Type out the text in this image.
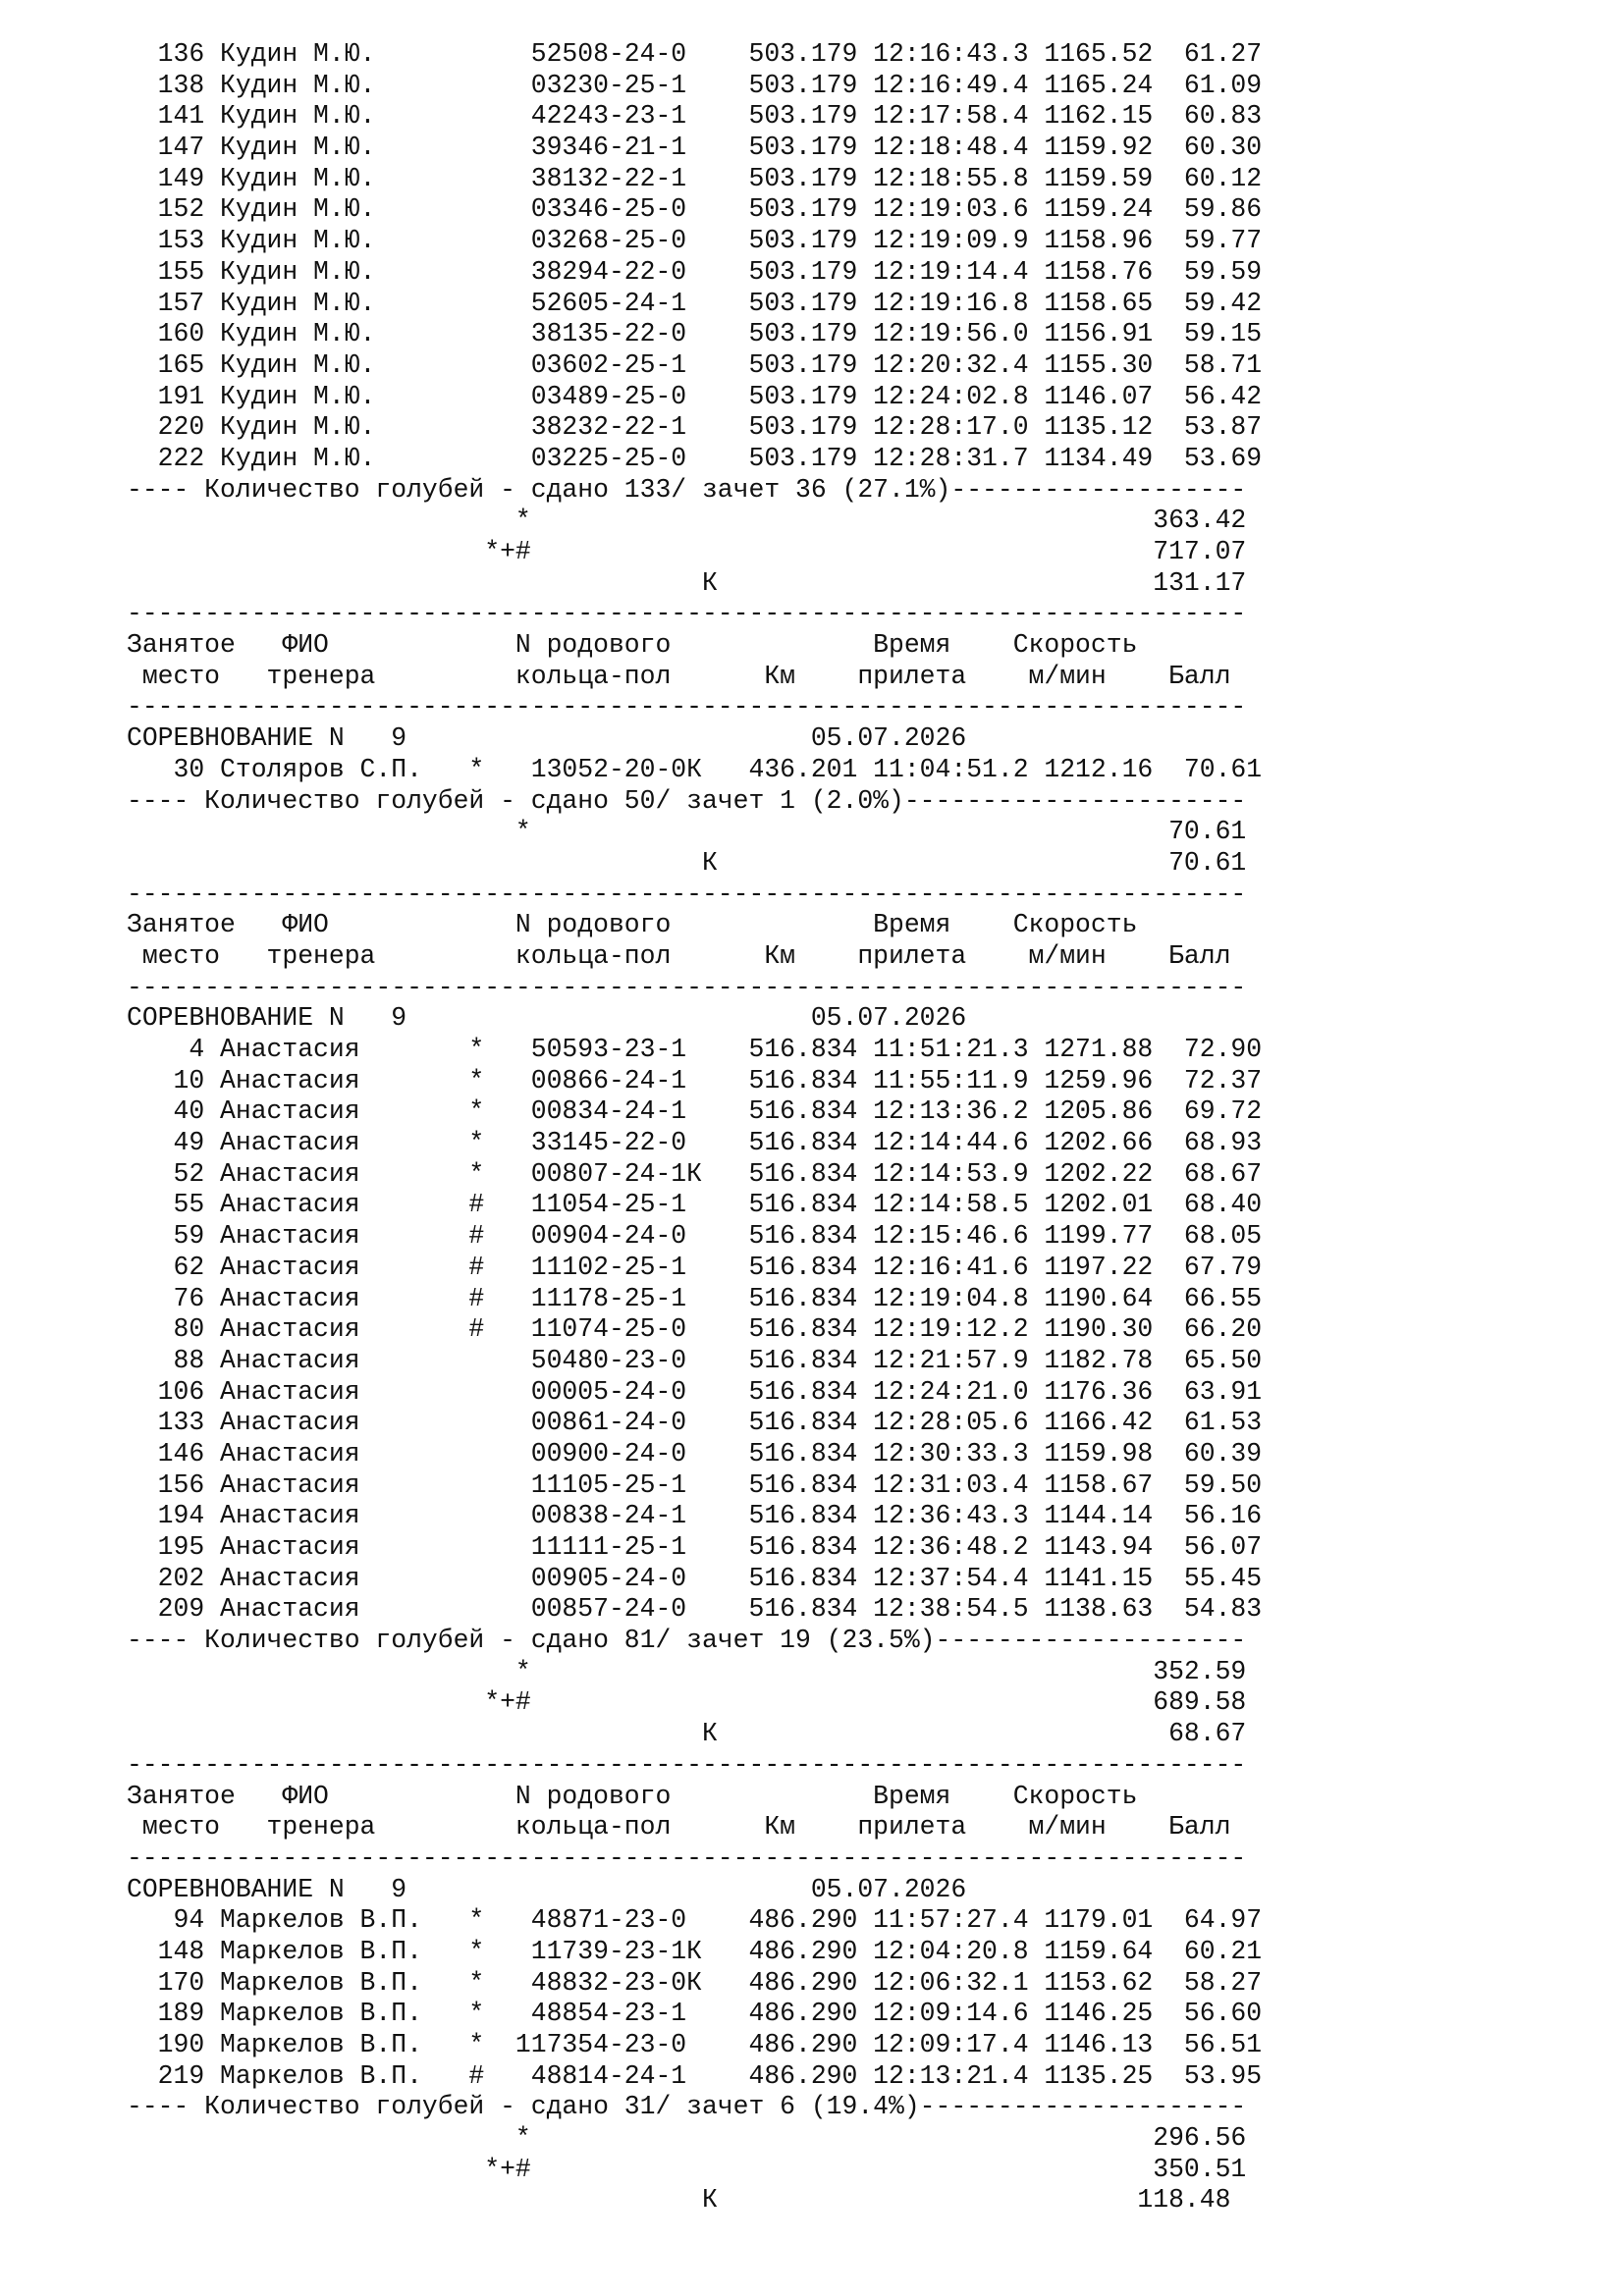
136 Кудин М.Ю.          52508-24-0    503.179 12:16:43.3 1165.52  61.27
138 Кудин М.Ю.          03230-25-1    503.179 12:16:49.4 1165.24  61.09
141 Кудин М.Ю.          42243-23-1    503.179 12:17:58.4 1162.15  60.83
147 Кудин М.Ю.          39346-21-1    503.179 12:18:48.4 1159.92  60.30
149 Кудин М.Ю.          38132-22-1    503.179 12:18:55.8 1159.59  60.12
152 Кудин М.Ю.          03346-25-0    503.179 12:19:03.6 1159.24  59.86
153 Кудин М.Ю.          03268-25-0    503.179 12:19:09.9 1158.96  59.77
155 Кудин М.Ю.          38294-22-0    503.179 12:19:14.4 1158.76  59.59
157 Кудин М.Ю.          52605-24-1    503.179 12:19:16.8 1158.65  59.42
160 Кудин М.Ю.          38135-22-0    503.179 12:19:56.0 1156.91  59.15
165 Кудин М.Ю.          03602-25-1    503.179 12:20:32.4 1155.30  58.71
191 Кудин М.Ю.          03489-25-0    503.179 12:24:02.8 1146.07  56.42
220 Кудин М.Ю.          38232-22-1    503.179 12:28:17.0 1135.12  53.87
222 Кудин М.Ю.          03225-25-0    503.179 12:28:31.7 1134.49  53.69
---- Количество голубей - сдано 133/ зачет 36 (27.1%)-------------------
*                                        363.42
*+#                                        717.07
К                            131.17
------------------------------------------------------------------------
Занятое   ФИО            N родового             Время    Скорость
место   тренера         кольца-пол      Км    прилета    м/мин    Балл
------------------------------------------------------------------------
СОРЕВНОВАНИЕ N   9                          05.07.2026
30 Столяров С.П.   *   13052-20-0К   436.201 11:04:51.2 1212.16  70.61
---- Количество голубей - сдано 50/ зачет 1 (2.0%)----------------------
*                                         70.61
К                             70.61
------------------------------------------------------------------------
Занятое   ФИО            N родового             Время    Скорость
место   тренера         кольца-пол      Км    прилета    м/мин    Балл
------------------------------------------------------------------------
СОРЕВНОВАНИЕ N   9                          05.07.2026
4 Анастасия       *   50593-23-1    516.834 11:51:21.3 1271.88  72.90
10 Анастасия       *   00866-24-1    516.834 11:55:11.9 1259.96  72.37
40 Анастасия       *   00834-24-1    516.834 12:13:36.2 1205.86  69.72
49 Анастасия       *   33145-22-0    516.834 12:14:44.6 1202.66  68.93
52 Анастасия       *   00807-24-1К   516.834 12:14:53.9 1202.22  68.67
55 Анастасия       #   11054-25-1    516.834 12:14:58.5 1202.01  68.40
59 Анастасия       #   00904-24-0    516.834 12:15:46.6 1199.77  68.05
62 Анастасия       #   11102-25-1    516.834 12:16:41.6 1197.22  67.79
76 Анастасия       #   11178-25-1    516.834 12:19:04.8 1190.64  66.55
80 Анастасия       #   11074-25-0    516.834 12:19:12.2 1190.30  66.20
88 Анастасия           50480-23-0    516.834 12:21:57.9 1182.78  65.50
106 Анастасия           00005-24-0    516.834 12:24:21.0 1176.36  63.91
133 Анастасия           00861-24-0    516.834 12:28:05.6 1166.42  61.53
146 Анастасия           00900-24-0    516.834 12:30:33.3 1159.98  60.39
156 Анастасия           11105-25-1    516.834 12:31:03.4 1158.67  59.50
194 Анастасия           00838-24-1    516.834 12:36:43.3 1144.14  56.16
195 Анастасия           11111-25-1    516.834 12:36:48.2 1143.94  56.07
202 Анастасия           00905-24-0    516.834 12:37:54.4 1141.15  55.45
209 Анастасия           00857-24-0    516.834 12:38:54.5 1138.63  54.83
---- Количество голубей - сдано 81/ зачет 19 (23.5%)--------------------
*                                        352.59
*+#                                        689.58
К                             68.67
------------------------------------------------------------------------
Занятое   ФИО            N родового             Время    Скорость
место   тренера         кольца-пол      Км    прилета    м/мин    Балл
------------------------------------------------------------------------
СОРЕВНОВАНИЕ N   9                          05.07.2026
94 Маркелов В.П.   *   48871-23-0    486.290 11:57:27.4 1179.01  64.97
148 Маркелов В.П.   *   11739-23-1К   486.290 12:04:20.8 1159.64  60.21
170 Маркелов В.П.   *   48832-23-0К   486.290 12:06:32.1 1153.62  58.27
189 Маркелов В.П.   *   48854-23-1    486.290 12:09:14.6 1146.25  56.60
190 Маркелов В.П.   *  117354-23-0    486.290 12:09:17.4 1146.13  56.51
219 Маркелов В.П.   #   48814-24-1    486.290 12:13:21.4 1135.25  53.95
---- Количество голубей - сдано 31/ зачет 6 (19.4%)---------------------
*                                        296.56
*+#                                        350.51
К                           118.48
